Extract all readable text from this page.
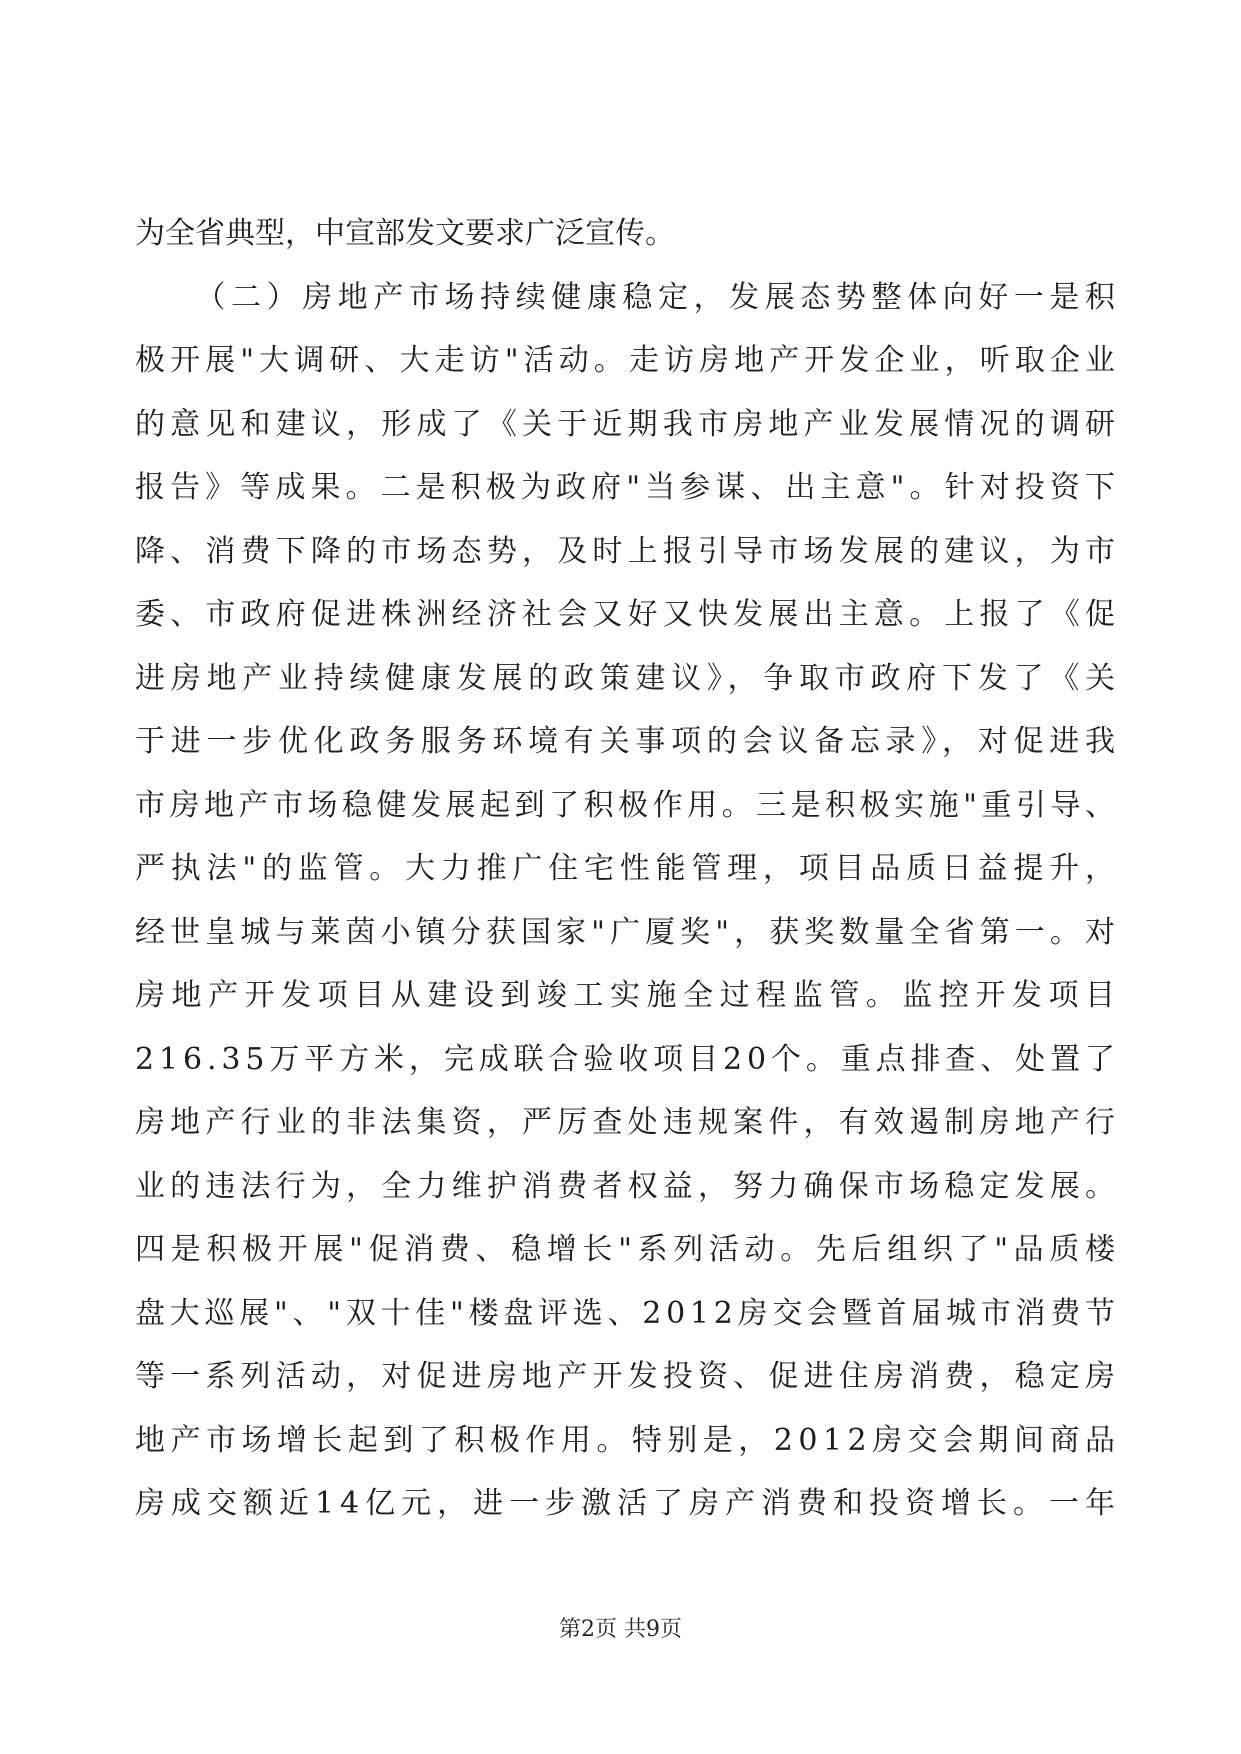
为全省典型，中宣部发文要求广泛宣传。
（二）房地产市场持续健康稳定，发展态势整体向好一是积
极开展"大调研、大走访"活动。走访房地产开发企业，听取企业
的意见和建议，形成了《关于近期我市房地产业发展情况的调研
报告》等成果。二是积极为政府"当参谋、出主意"。针对投资下
降、消费下降的市场态势，及时上报引导市场发展的建议，为市
委、市政府促进株洲经济社会又好又快发展出主意。上报了《促
进房地产业持续健康发展的政策建议》，争取市政府下发了《关
于进一步优化政务服务环境有关事项的会议备忘录》，对促进我
市房地产市场稳健发展起到了积极作用。三是积极实施"重引导、
严执法"的监管。大力推广住宅性能管理，项目品质日益提升，
经世皇城与莱茵小镇分获国家"广厦奖"，获奖数量全省第一。对
房地产开发项目从建设到竣工实施全过程监管。监控开发项目
216.35万平方米，完成联合验收项目20个。重点排查、处置了
房地产行业的非法集资，严厉查处违规案件，有效遏制房地产行
业的违法行为，全力维护消费者权益，努力确保市场稳定发展。
四是积极开展"促消费、稳增长"系列活动。先后组织了"品质楼
盘大巡展"、"双十佳"楼盘评选、2012房交会暨首届城市消费节
等一系列活动，对促进房地产开发投资、促进住房消费，稳定房
地产市场增长起到了积极作用。特别是，2012房交会期间商品
房成交额近14亿元，进一步激活了房产消费和投资增长。一年
第2页 共9页
